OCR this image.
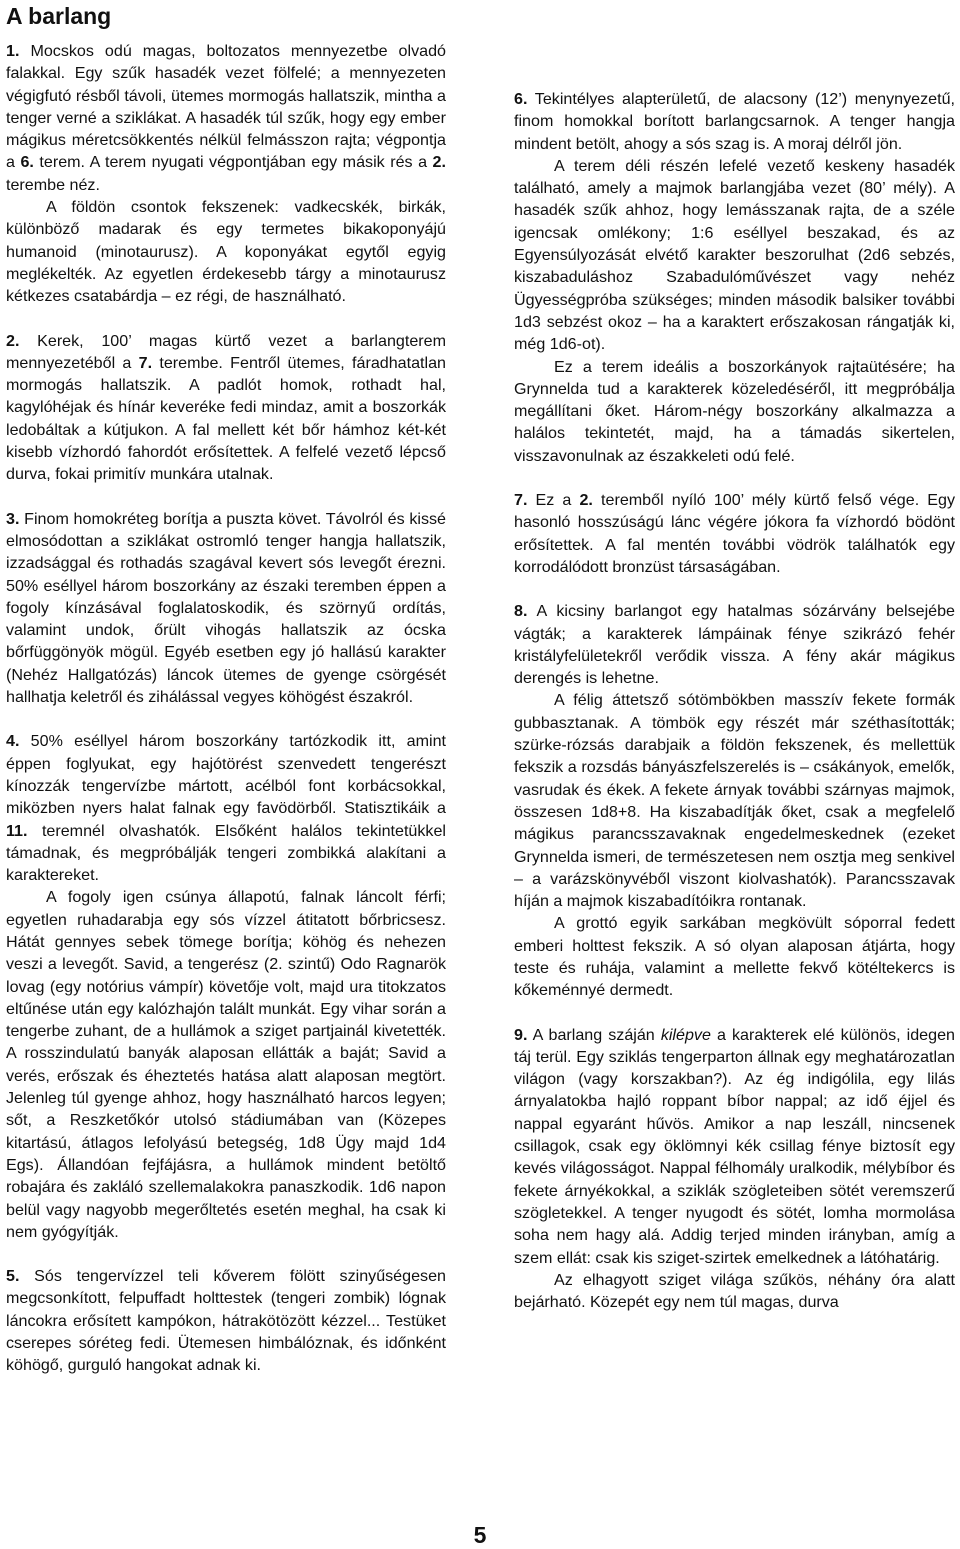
A barlang

1. Mocskos odú magas, boltozatos mennyezetbe olvadó falakkal. Egy szűk hasadék vezet fölfelé; a mennyezeten végigfutó résből távoli, ütemes mormogás hallatszik, mintha a tenger verné a sziklákat. A hasadék túl szűk, hogy egy ember mágikus méretcsökkentés nélkül felmásszon rajta; végpontja a 6. terem. A terem nyugati végpontjában egy másik rés a 2. terembe néz.

A földön csontok fekszenek: vadkecskék, birkák, különböző madarak és egy termetes bikakoponyájú humanoid (minotaurusz). A koponyákat egytől egyig meglékelték. Az egyetlen érdekesebb tárgy a minotaurusz kétkezes csatabárdja – ez régi, de használható.

2. Kerek, 100’ magas kürtő vezet a barlangterem mennyezetéből a 7. terembe. Fentről ütemes, fáradhatatlan mormogás hallatszik. A padlót homok, rothadt hal, kagylóhéjak és hínár keveréke fedi mindaz, amit a boszorkák ledobáltak a kútjukon. A fal mellett két bőr hámhoz két-két kisebb vízhordó fahordót erősítettek. A felfelé vezető lépcső durva, fokai primitív munkára utalnak.

3. Finom homokréteg borítja a puszta követ. Távolról és kissé elmosódottan a sziklákat ostromló tenger hangja hallatszik, izzadsággal és rothadás szagával kevert sós levegőt érezni. 50% eséllyel három boszorkány az északi teremben éppen a fogoly kínzásával foglalatoskodik, és szörnyű ordítás, valamint undok, őrült vihogás hallatszik az ócska bőrfüggönyök mögül. Egyéb esetben egy jó hallású karakter (Nehéz Hallgatózás) láncok ütemes de gyenge csörgését hallhatja keletről és zihálással vegyes köhögést északról.

4. 50% eséllyel három boszorkány tartózkodik itt, amint éppen foglyukat, egy hajótörést szenvedett tengerészt kínozzák tengervízbe mártott, acélból font korbácsokkal, miközben nyers halat falnak egy favödörből. Statisztikáik a 11. teremnél olvashatók. Elsőként halálos tekintetükkel támadnak, és megpróbálják tengeri zombikká alakítani a karaktereket.

A fogoly igen csúnya állapotú, falnak láncolt férfi; egyetlen ruhadarabja egy sós vízzel átitatott bőrbricsesz. Hátát gennyes sebek tömege borítja; köhög és nehezen veszi a levegőt. Savid, a tengerész (2. szintű) Odo Ragnarök lovag (egy notórius vámpír) követője volt, majd ura titokzatos eltűnése után egy kalózhajón talált munkát. Egy vihar során a tengerbe zuhant, de a hullámok a sziget partjainál kivetették. A rosszindulatú banyák alaposan ellátták a baját; Savid a verés, erőszak és éheztetés hatása alatt alaposan megtört. Jelenleg túl gyenge ahhoz, hogy használható harcos legyen; sőt, a Reszketőkór utolsó stádiumában van (Közepes kitartású, átlagos lefolyású betegség, 1d8 Ügy majd 1d4 Egs). Állandóan fejfájásra, a hullámok mindent betöltő robajára és zakláló szellemalakokra panaszkodik. 1d6 napon belül vagy nagyobb megerőltetés esetén meghal, ha csak ki nem gyógyítják.

5. Sós tengervízzel teli kőverem fölött szinyűségesen megcsonkított, felpuffadt holttestek (tengeri zombik) lógnak láncokra erősített kampókon, hátrakötözött kézzel... Testüket cserepes sóréteg fedi. Ütemesen himbálóznak, és időnként köhögő, gurguló hangokat adnak ki.

6. Tekintélyes alapterületű, de alacsony (12’) menynyezetű, finom homokkal borított barlangcsarnok. A tenger hangja mindent betölt, ahogy a sós szag is. A moraj délről jön.

A terem déli részén lefelé vezető keskeny hasadék található, amely a majmok barlangjába vezet (80’ mély). A hasadék szűk ahhoz, hogy lemásszanak rajta, de a széle igencsak omlékony; 1:6 eséllyel beszakad, és az Egyensúlyozását elvétő karakter beszorulhat (2d6 sebzés, kiszabaduláshoz Szabadulóművészet vagy nehéz Ügyességpróba szükséges; minden második balsiker további 1d3 sebzést okoz – ha a karaktert erőszakosan rángatják ki, még 1d6-ot).

Ez a terem ideális a boszorkányok rajtaütésére; ha Grynnelda tud a karakterek közeledéséről, itt megpróbálja megállítani őket. Három-négy boszorkány alkalmazza a halálos tekintetét, majd, ha a támadás sikertelen, visszavonulnak az északkeleti odú felé.

7. Ez a 2. teremből nyíló 100’ mély kürtő felső vége. Egy hasonló hosszúságú lánc végére jókora fa vízhordó bödönt erősítettek. A fal mentén további vödrök találhatók egy korrodálódott bronzüst társaságában.

8. A kicsiny barlangot egy hatalmas sózárvány belsejébe vágták; a karakterek lámpáinak fénye szikrázó fehér kristályfelületekről verődik vissza. A fény akár mágikus derengés is lehetne.

A félig áttetsző sótömbökben masszív fekete formák gubbasztanak. A tömbök egy részét már széthasították; szürke-rózsás darabjaik a földön fekszenek, és mellettük fekszik a rozsdás bányászfelszerelés is – csákányok, emelők, vasrudak és ékek. A fekete árnyak további szárnyas majmok, összesen 1d8+8. Ha kiszabadítják őket, csak a megfelelő mágikus parancsszavaknak engedelmeskednek (ezeket Grynnelda ismeri, de természetesen nem osztja meg senkivel – a varázskönyvéből viszont kiolvashatók). Parancsszavak híján a majmok kiszabadítóikra rontanak.

A grottó egyik sarkában megkövült sóporral fedett emberi holttest fekszik. A só olyan alaposan átjárta, hogy teste és ruhája, valamint a mellette fekvő kötéltekercs is kőkeménnyé dermedt.

9. A barlang száján kilépve a karakterek elé különös, idegen táj terül. Egy sziklás tengerparton állnak egy meghatározatlan világon (vagy korszakban?). Az ég indigólila, egy lilás árnyalatokba hajló roppant bíbor nappal; az idő éjjel és nappal egyaránt hűvös. Amikor a nap leszáll, nincsenek csillagok, csak egy öklömnyi kék csillag fénye biztosít egy kevés világosságot. Nappal félhomály uralkodik, mélybíbor és fekete árnyékokkal, a sziklák szögleteiben sötét veremszerű szögletekkel. A tenger nyugodt és sötét, lomha mormolása soha nem hagy alá. Addig terjed minden irányban, amíg a szem ellát: csak kis sziget-szirtek emelkednek a látóhatárig.

Az elhagyott sziget világa szűkös, néhány óra alatt bejárható. Közepét egy nem túl magas, durva

5
